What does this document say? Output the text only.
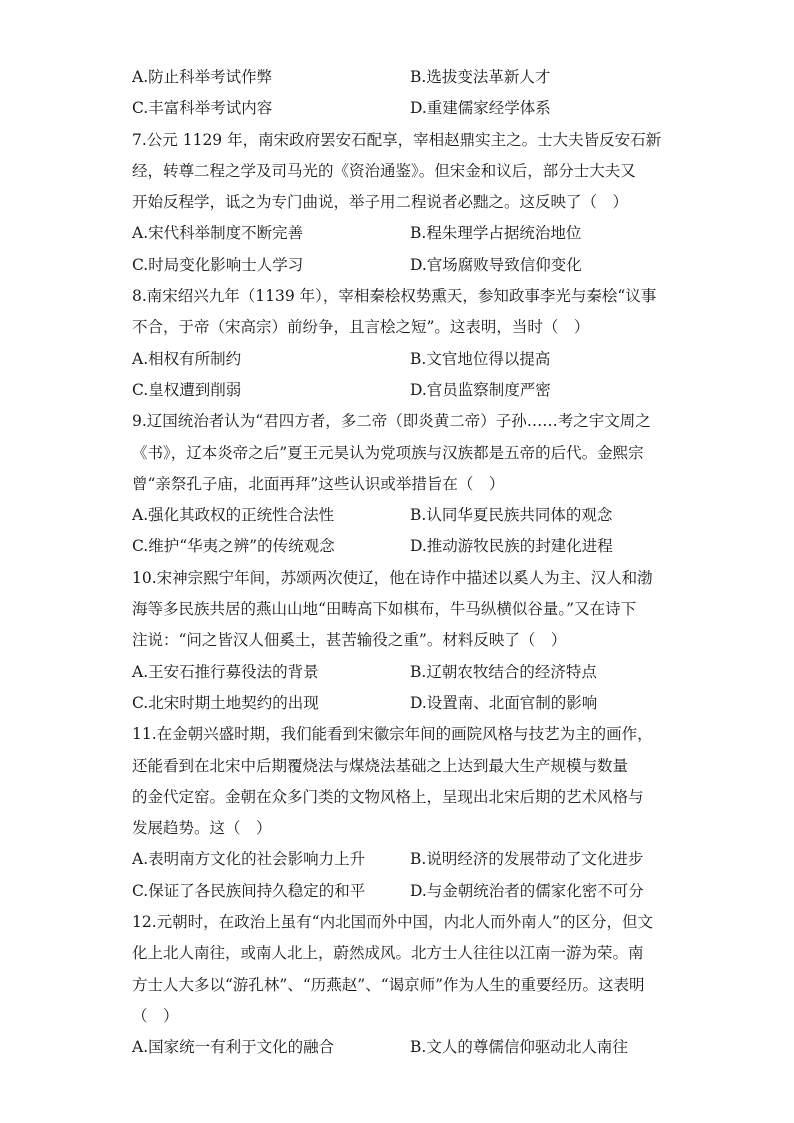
A.防止科举考试作弊	B.选拔变法革新人才
C.丰富科举考试内容	D.重建儒家经学体系
7.公元 1129 年，南宋政府罢安石配享，宰相赵鼎实主之。士大夫皆反安石新
经，转尊二程之学及司马光的《资治通鉴》。但宋金和议后，部分士大夫又
开始反程学，诋之为专门曲说，举子用二程说者必黜之。这反映了（　）
A.宋代科举制度不断完善	B.程朱理学占据统治地位
C.时局变化影响士人学习	D.官场腐败导致信仰变化
8.南宋绍兴九年（1139 年），宰相秦桧权势熏天，参知政事李光与秦桧“议事
不合，于帝（宋高宗）前纷争，且言桧之短”。这表明，当时（　）
A.相权有所制约	B.文官地位得以提高
C.皇权遭到削弱	D.官员监察制度严密
9.辽国统治者认为“君四方者，多二帝（即炎黄二帝）子孙……考之宇文周之
《书》，辽本炎帝之后”夏王元昊认为党项族与汉族都是五帝的后代。金熙宗
曾“亲祭孔子庙，北面再拜”这些认识或举措旨在（　）
A.强化其政权的正统性合法性	B.认同华夏民族共同体的观念
C.维护“华夷之辨”的传统观念	D.推动游牧民族的封建化进程
10.宋神宗熙宁年间，苏颂两次使辽，他在诗作中描述以奚人为主、汉人和渤
海等多民族共居的燕山山地“田畴高下如棋布，牛马纵横似谷量。”又在诗下
注说：“问之皆汉人佃奚土，甚苦输役之重”。材料反映了（　）
A.王安石推行募役法的背景	B.辽朝农牧结合的经济特点
C.北宋时期土地契约的出现	D.设置南、北面官制的影响
11.在金朝兴盛时期，我们能看到宋徽宗年间的画院风格与技艺为主的画作，
还能看到在北宋中后期覆烧法与煤烧法基础之上达到最大生产规模与数量
的金代定窑。金朝在众多门类的文物风格上，呈现出北宋后期的艺术风格与
发展趋势。这（　）
A.表明南方文化的社会影响力上升	B.说明经济的发展带动了文化进步
C.保证了各民族间持久稳定的和平	D.与金朝统治者的儒家化密不可分
12.元朝时，在政治上虽有“内北国而外中国，内北人而外南人”的区分，但文
化上北人南往，或南人北上，蔚然成风。北方士人往往以江南一游为荣。南
方士人大多以“游孔林”、“历燕赵”、“谒京师”作为人生的重要经历。这表明
（　）
A.国家统一有利于文化的融合	B.文人的尊儒信仰驱动北人南往
